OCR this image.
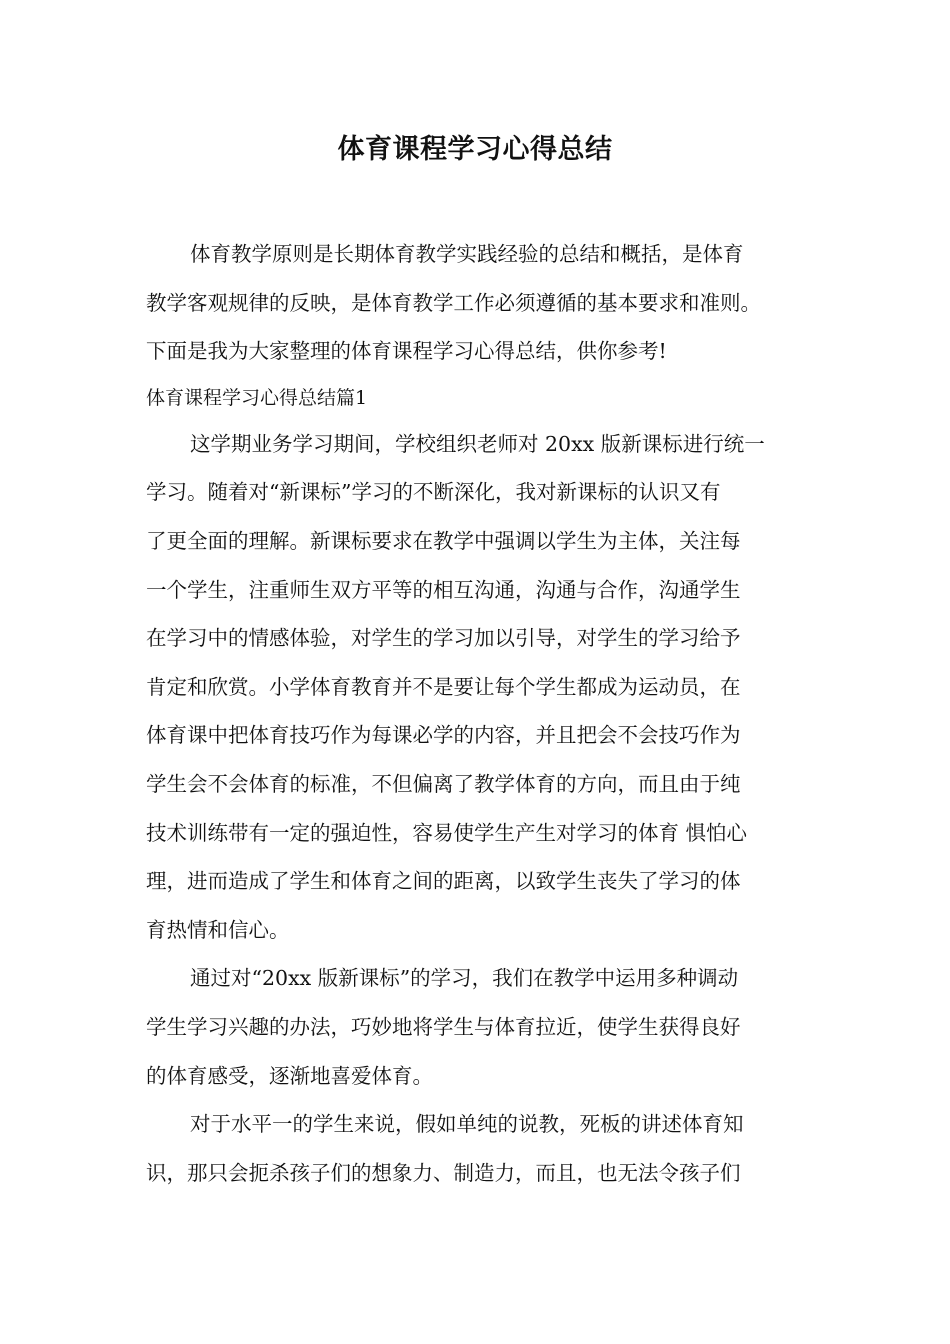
体育课程学习心得总结
体育教学原则是长期体育教学实践经验的总结和概括，是体育
教学客观规律的反映，是体育教学工作必须遵循的基本要求和准则。
下面是我为大家整理的体育课程学习心得总结，供你参考!
体育课程学习心得总结篇1
这学期业务学习期间，学校组织老师对 20xx 版新课标进行统一
学习。随着对“新课标”学习的不断深化，我对新课标的认识又有
了更全面的理解。新课标要求在教学中强调以学生为主体，关注每
一个学生，注重师生双方平等的相互沟通，沟通与合作，沟通学生
在学习中的情感体验，对学生的学习加以引导，对学生的学习给予
肯定和欣赏。小学体育教育并不是要让每个学生都成为运动员，在
体育课中把体育技巧作为每课必学的内容，并且把会不会技巧作为
学生会不会体育的标准，不但偏离了教学体育的方向，而且由于纯
技术训练带有一定的强迫性，容易使学生产生对学习的体育 惧怕心
理，进而造成了学生和体育之间的距离，以致学生丧失了学习的体
育热情和信心。
通过对“20xx 版新课标”的学习，我们在教学中运用多种调动
学生学习兴趣的办法，巧妙地将学生与体育拉近，使学生获得良好
的体育感受，逐渐地喜爱体育。
对于水平一的学生来说，假如单纯的说教，死板的讲述体育知
识，那只会扼杀孩子们的想象力、制造力，而且，也无法令孩子们
